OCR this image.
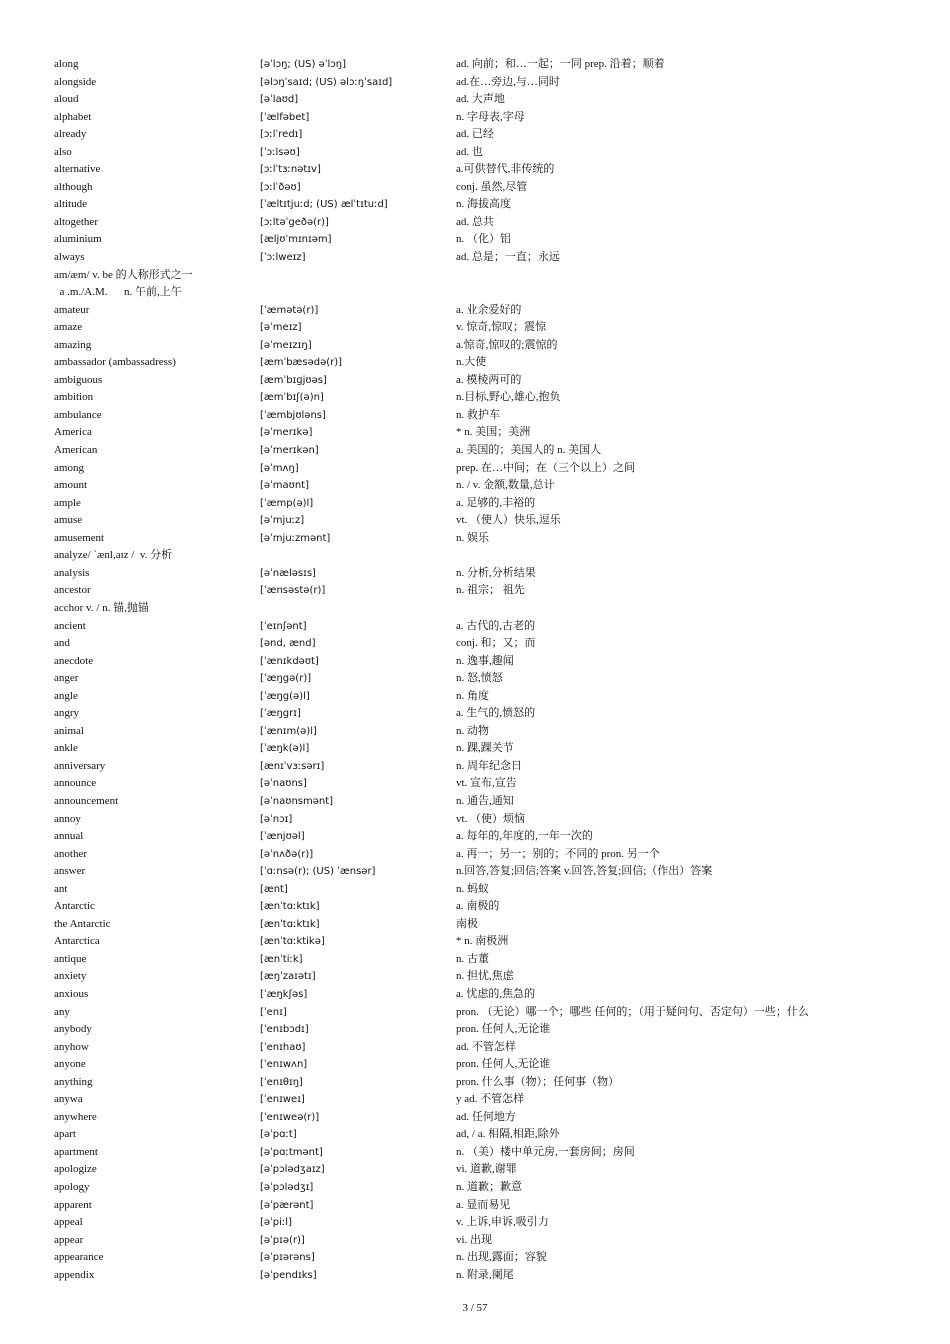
along	[əˈlɔŋ; (US) əˈlɔŋ]	ad. 向前；和…一起；一同 prep. 沿着；顺着
alongside	[əlɔŋˈsaɪd; (US) əlɔːŋˈsaɪd]	ad.在…旁边,与…同时
aloud	[əˈlaʊd]	ad. 大声地
alphabet	[ˈælfəbet]	n. 字母表,字母
already	[ɔːlˈredɪ]	ad. 已经
also	[ˈɔːlsəʊ]	ad. 也
alternative	[ɔːlˈtɜːnətɪv]	a.可供替代,非传统的
although	[ɔːlˈðəʊ]	conj. 虽然,尽管
altitude	[ˈæltɪtjuːd; (US) ælˈtɪtuːd]	n. 海拔高度
altogether	[ɔːltəˈgeðə(r)]	ad. 总共
aluminium	[æljʊˈmɪnɪəm]	n. （化）铝
always	[ˈɔːlweɪz]	ad. 总是；一直；永远
am/æm/ v. be 的人称形式之一
a .m./A.M.      n. 午前,上午
amateur	[ˈæmətə(r)]	a. 业余爱好的
amaze	[əˈmeɪz]	v. 惊奇,惊叹；震惊
amazing	[əˈmeɪzɪŋ]	a.惊奇,惊叹的;震惊的
ambassador (ambassadress)	[æmˈbæsədə(r)]	n.大使
ambiguous	[æmˈbɪɡjʊəs]	a. 模棱两可的
ambition	[æmˈbɪʃ(ə)n]	n.目标,野心,雄心,抱负
ambulance	[ˈæmbjʊləns]	n. 救护车
America	[əˈmerɪkə]	* n. 美国；美洲
American	[əˈmerɪkən]	a. 美国的；美国人的 n. 美国人
among	[əˈmʌŋ]	prep. 在…中间；在（三个以上）之间
amount	[əˈmaʊnt]	n. / v. 金额,数量,总计
ample	[ˈæmp(ə)l]	a. 足够的,丰裕的
amuse	[əˈmjuːz]	vt. （使人）快乐,逗乐
amusement	[əˈmjuːzmənt]	n. 娱乐
analyze/ `ænl,aɪz /  v. 分析
analysis	[əˈnæləsɪs]	n. 分析,分析结果
ancestor	[ˈænsəstə(r)]	n. 祖宗； 祖先
acchor v. / n. 锚,抛锚
ancient	[ˈeɪnʃənt]	a. 古代的,古老的
and	[ənd, ænd]	conj. 和；又；而
anecdote	[ˈænɪkdəʊt]	n. 逸事,趣闻
anger	[ˈæŋgə(r)]	n. 怒,愤怒
angle	[ˈæŋg(ə)l]	n. 角度
angry	[ˈæŋgrɪ]	a. 生气的,愤怒的
animal	[ˈænɪm(ə)l]	n. 动物
ankle	[ˈæŋk(ə)l]	n. 踝,踝关节
anniversary	[ænɪˈvɜːsərɪ]	n. 周年纪念日
announce	[əˈnaʊns]	vt. 宣布,宣告
announcement	[əˈnaʊnsmənt]	n. 通告,通知
annoy	[əˈnɔɪ]	vt. （使）烦恼
annual	[ˈænjʊəl]	a. 每年的,年度的,一年一次的
another	[əˈnʌðə(r)]	a. 再一；另一；别的；不同的 pron. 另一个
answer	[ˈɑːnsə(r); (US) ˈænsər]	n.回答,答复;回信;答案 v.回答,答复;回信;（作出）答案
ant	[ænt]	n. 蚂蚁
Antarctic	[ænˈtɑːktɪk]	a. 南极的
the Antarctic	[ænˈtɑːktɪk]	南极
Antarctica	[ænˈtɑːktikə]	* n. 南极洲
antique	[ænˈtiːk]	n. 古董
anxiety	[æŋˈzaɪətɪ]	n. 担忧,焦虑
anxious	[ˈæŋkʃəs]	a. 忧虑的,焦急的
any	[ˈenɪ]	pron. （无论）哪一个；哪些 任何的；（用于疑问句、否定句）一些；什么
anybody	[ˈenɪbɔdɪ]	pron. 任何人,无论谁
anyhow	[ˈenɪhaʊ]	ad. 不管怎样
anyone	[ˈenɪwʌn]	pron. 任何人,无论谁
anything	[ˈenɪθɪŋ]	pron. 什么事（物）；任何事（物）
anywa	[ˈenɪweɪ]	y ad. 不管怎样
anywhere	[ˈenɪweə(r)]	ad. 任何地方
apart	[əˈpɑːt]	ad, / a. 相隔,相距,除外
apartment	[əˈpɑːtmənt]	n. （美）楼中单元房,一套房间；房间
apologize	[əˈpɔlədʒaɪz]	vi. 道歉,谢罪
apology	[əˈpɔlədʒɪ]	n. 道歉；歉意
apparent	[əˈpærənt]	a. 显而易见
appeal	[əˈpiːl]	v. 上诉,申诉,吸引力
appear	[əˈpɪə(r)]	vi. 出现
appearance	[əˈpɪərəns]	n. 出现,露面；容貌
appendix	[əˈpendɪks]	n. 附录,阑尾
3 / 57
